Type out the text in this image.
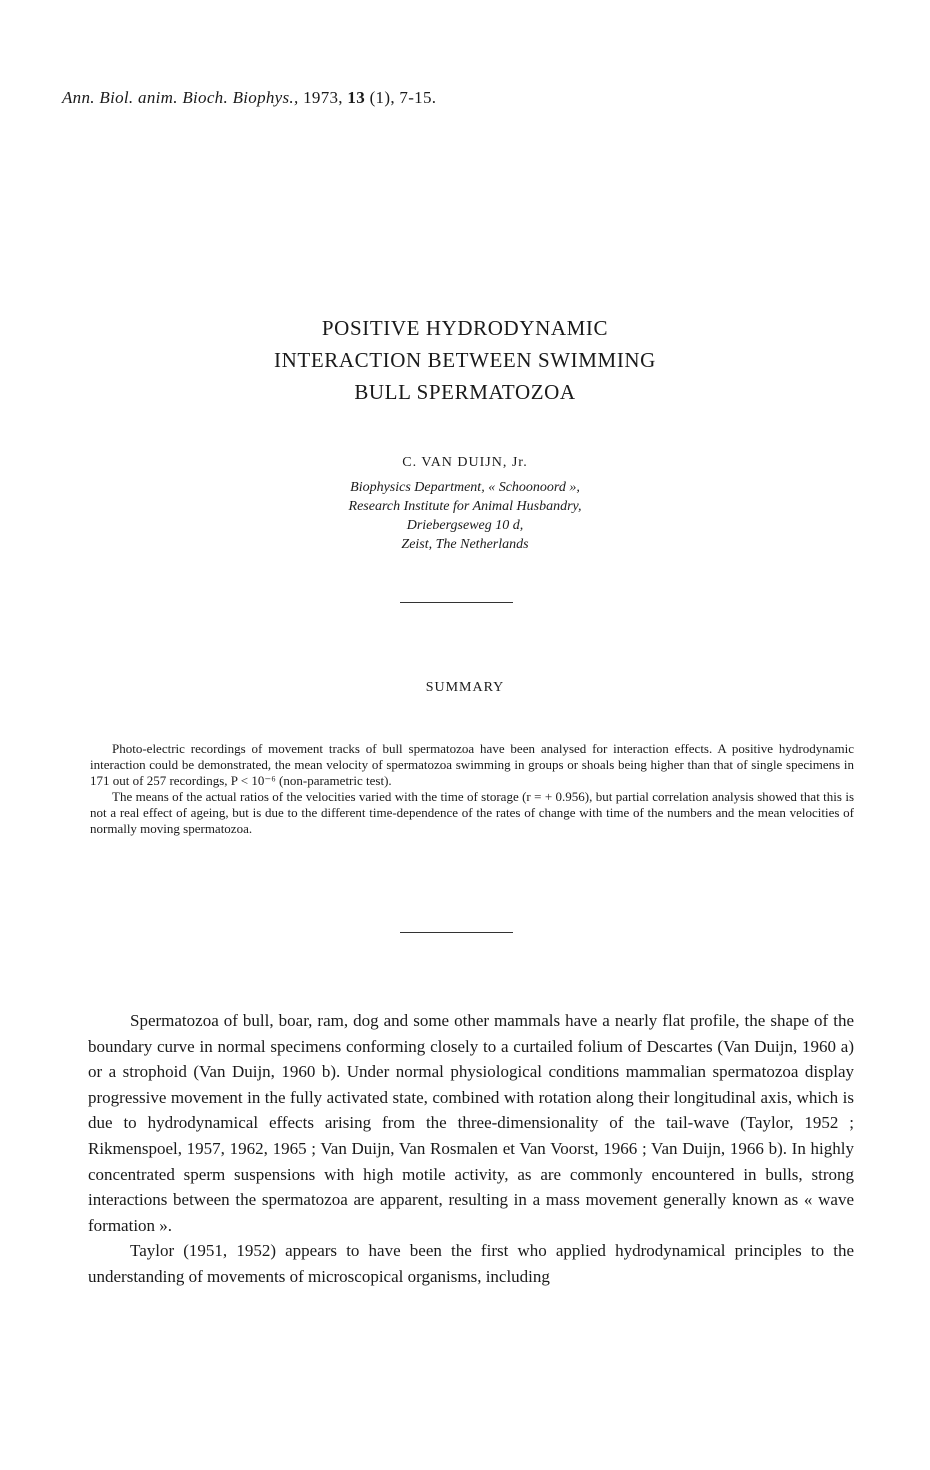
Ann. Biol. anim. Bioch. Biophys., 1973, 13 (1), 7-15.
POSITIVE HYDRODYNAMIC
INTERACTION BETWEEN SWIMMING
BULL SPERMATOZOA
C. VAN DUIJN, Jr.
Biophysics Department, « Schoonoord »,
Research Institute for Animal Husbandry,
Driebergseweg 10 d,
Zeist, The Netherlands
SUMMARY

Photo-electric recordings of movement tracks of bull spermatozoa have been analysed for interaction effects. A positive hydrodynamic interaction could be demonstrated, the mean velocity of spermatozoa swimming in groups or shoals being higher than that of single specimens in 171 out of 257 recordings, P < 10⁻⁶ (non-parametric test).

The means of the actual ratios of the velocities varied with the time of storage (r = + 0.956), but partial correlation analysis showed that this is not a real effect of ageing, but is due to the different time-dependence of the rates of change with time of the numbers and the mean velocities of normally moving spermatozoa.

Spermatozoa of bull, boar, ram, dog and some other mammals have a nearly flat profile, the shape of the boundary curve in normal specimens conforming closely to a curtailed folium of Descartes (Van Duijn, 1960 a) or a strophoid (Van Duijn, 1960 b). Under normal physiological conditions mammalian spermatozoa display progressive movement in the fully activated state, combined with rotation along their longitudinal axis, which is due to hydrodynamical effects arising from the three-dimensionality of the tail-wave (Taylor, 1952 ; Rikmenspoel, 1957, 1962, 1965 ; Van Duijn, Van Rosmalen et Van Voorst, 1966 ; Van Duijn, 1966 b). In highly concentrated sperm suspensions with high motile activity, as are commonly encountered in bulls, strong interactions between the spermatozoa are apparent, resulting in a mass movement generally known as « wave formation ».

Taylor (1951, 1952) appears to have been the first who applied hydrodynamical principles to the understanding of movements of microscopical organisms, including
